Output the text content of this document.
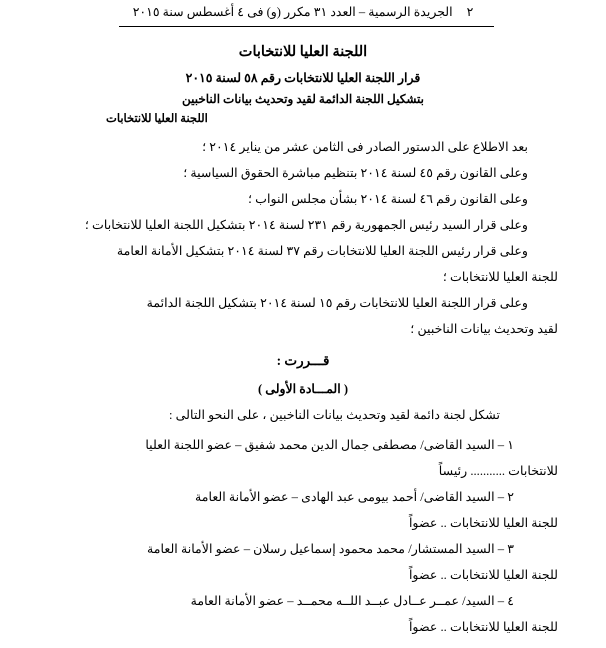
٢الجريدة الرسمية – العدد ٣١ مكرر (و) فى ٤ أغسطس سنة ٢٠١٥
اللجنة العليا للانتخابات
قرار اللجنة العليا للانتخابات رقم ٥٨ لسنة ٢٠١٥
بتشكيل اللجنة الدائمة لقيد وتحديث بيانات الناخبين
اللجنة العليا للانتخابات
بعد الاطلاع على الدستور الصادر فى الثامن عشر من يناير ٢٠١٤ ؛
وعلى القانون رقم ٤٥ لسنة ٢٠١٤ بتنظيم مباشرة الحقوق السياسية ؛
وعلى القانون رقم ٤٦ لسنة ٢٠١٤ بشأن مجلس النواب ؛
وعلى قرار السيد رئيس الجمهورية رقم ٢٣١ لسنة ٢٠١٤ بتشكيل اللجنة العليا للانتخابات ؛
وعلى قرار رئيس اللجنة العليا للانتخابات رقم ٣٧ لسنة ٢٠١٤ بتشكيل الأمانة العامة
للجنة العليا للانتخابات ؛
وعلى قرار اللجنة العليا للانتخابات رقم ١٥ لسنة ٢٠١٤ بتشكيل اللجنة الدائمة
لقيد وتحديث بيانات الناخبين ؛
قـــررت :
( المـــادة الأولى )
تشكل لجنة دائمة لقيد وتحديث بيانات الناخبين ، على النحو التالى :
١ – السيد القاضى/ مصطفى جمال الدين محمد شفيق – عضو اللجنة العليا
للانتخابات ........... رئيساً
٢ – السيد القاضى/ أحمد بيومى عبد الهادى – عضو الأمانة العامة
للجنة العليا للانتخابات .. عضواً
٣ – السيد المستشار/ محمد محمود إسماعيل رسلان – عضو الأمانة العامة
للجنة العليا للانتخابات .. عضواً
٤ – السيد/ عمــر عــادل عبــد اللــه محمــد – عضو الأمانة العامة
للجنة العليا للانتخابات .. عضواً
